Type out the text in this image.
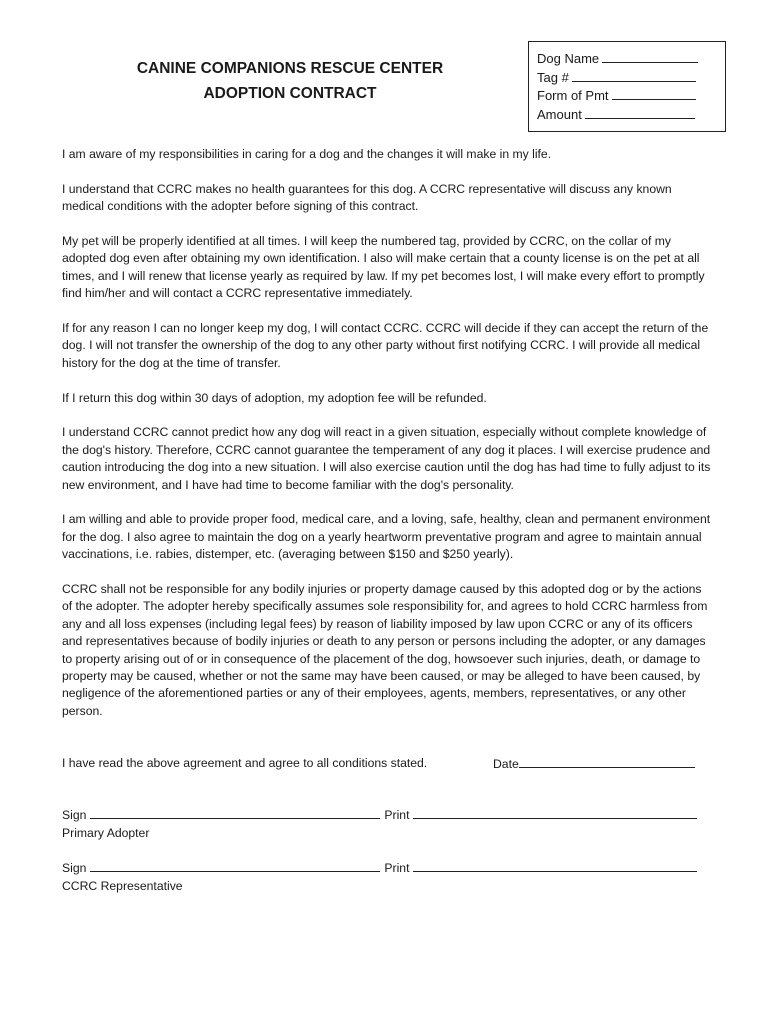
CANINE COMPANIONS RESCUE CENTER
ADOPTION CONTRACT
Dog Name
Tag #
Form of Pmt
Amount

I am aware of my responsibilities in caring for a dog and the changes it will make in my life.

I understand that CCRC makes no health guarantees for this dog. A CCRC representative will discuss any known medical conditions with the adopter before signing of this contract.

My pet will be properly identified at all times. I will keep the numbered tag, provided by CCRC, on the collar of my adopted dog even after obtaining my own identification. I also will make certain that a county license is on the pet at all times, and I will renew that license yearly as required by law. If my pet becomes lost, I will make every effort to promptly find him/her and will contact a CCRC representative immediately.

If for any reason I can no longer keep my dog, I will contact CCRC. CCRC will decide if they can accept the return of the dog. I will not transfer the ownership of the dog to any other party without first notifying CCRC. I will provide all medical history for the dog at the time of transfer.

If I return this dog within 30 days of adoption, my adoption fee will be refunded.

I understand CCRC cannot predict how any dog will react in a given situation, especially without complete knowledge of the dog's history. Therefore, CCRC cannot guarantee the temperament of any dog it places. I will exercise prudence and caution introducing the dog into a new situation. I will also exercise caution until the dog has had time to fully adjust to its new environment, and I have had time to become familiar with the dog's personality.

I am willing and able to provide proper food, medical care, and a loving, safe, healthy, clean and permanent environment for the dog. I also agree to maintain the dog on a yearly heartworm preventative program and agree to maintain annual vaccinations, i.e. rabies, distemper, etc. (averaging between $150 and $250 yearly).

CCRC shall not be responsible for any bodily injuries or property damage caused by this adopted dog or by the actions of the adopter. The adopter hereby specifically assumes sole responsibility for, and agrees to hold CCRC harmless from any and all loss expenses (including legal fees) by reason of liability imposed by law upon CCRC or any of its officers and representatives because of bodily injuries or death to any person or persons including the adopter, or any damages to property arising out of or in consequence of the placement of the dog, howsoever such injuries, death, or damage to property may be caused, whether or not the same may have been caused, or may be alleged to have been caused, by negligence of the aforementioned parties or any of their employees, agents, members, representatives, or any other person.

I have read the above agreement and agree to all conditions stated.	Date
Sign	Print
Primary Adopter
Sign	Print
CCRC Representative
